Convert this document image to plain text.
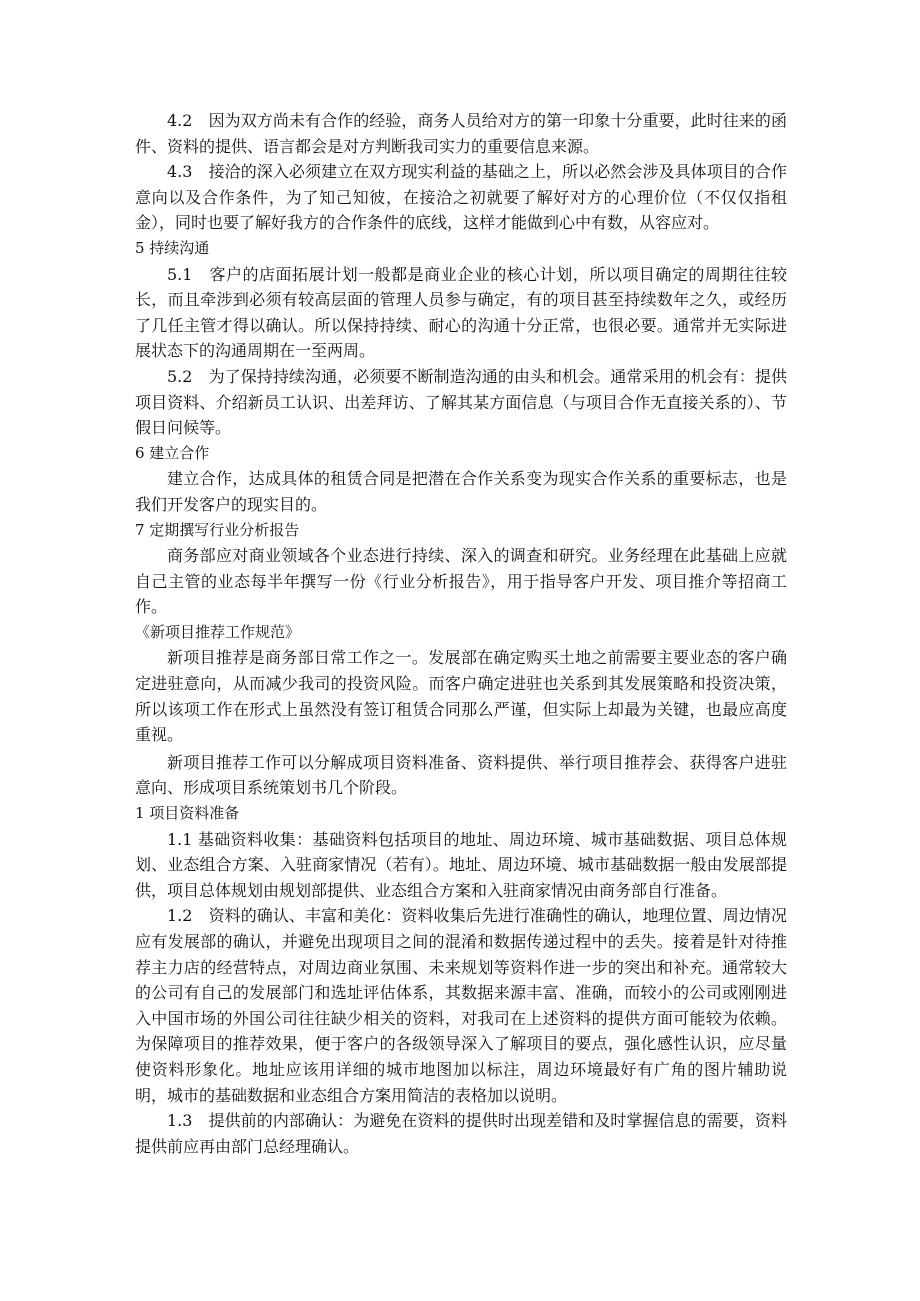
4.2　因为双方尚未有合作的经验，商务人员给对方的第一印象十分重要，此时往来的函件、资料的提供、语言都会是对方判断我司实力的重要信息来源。

4.3　接洽的深入必须建立在双方现实利益的基础之上，所以必然会涉及具体项目的合作意向以及合作条件，为了知己知彼，在接洽之初就要了解好对方的心理价位（不仅仅指租金），同时也要了解好我方的合作条件的底线，这样才能做到心中有数，从容应对。

5 持续沟通

5.1　客户的店面拓展计划一般都是商业企业的核心计划，所以项目确定的周期往往较长，而且牵涉到必须有较高层面的管理人员参与确定，有的项目甚至持续数年之久，或经历了几任主管才得以确认。所以保持持续、耐心的沟通十分正常，也很必要。通常并无实际进展状态下的沟通周期在一至两周。

5.2　为了保持持续沟通，必须要不断制造沟通的由头和机会。通常采用的机会有：提供项目资料、介绍新员工认识、出差拜访、了解其某方面信息（与项目合作无直接关系的）、节假日问候等。

6 建立合作

建立合作，达成具体的租赁合同是把潜在合作关系变为现实合作关系的重要标志，也是我们开发客户的现实目的。

7 定期撰写行业分析报告

商务部应对商业领域各个业态进行持续、深入的调查和研究。业务经理在此基础上应就自己主管的业态每半年撰写一份《行业分析报告》，用于指导客户开发、项目推介等招商工作。

《新项目推荐工作规范》

新项目推荐是商务部日常工作之一。发展部在确定购买土地之前需要主要业态的客户确定进驻意向，从而减少我司的投资风险。而客户确定进驻也关系到其发展策略和投资决策，所以该项工作在形式上虽然没有签订租赁合同那么严谨，但实际上却最为关键，也最应高度重视。

新项目推荐工作可以分解成项目资料准备、资料提供、举行项目推荐会、获得客户进驻意向、形成项目系统策划书几个阶段。

1 项目资料准备

1.1 基础资料收集：基础资料包括项目的地址、周边环境、城市基础数据、项目总体规划、业态组合方案、入驻商家情况（若有）。地址、周边环境、城市基础数据一般由发展部提供，项目总体规划由规划部提供、业态组合方案和入驻商家情况由商务部自行准备。

1.2　资料的确认、丰富和美化：资料收集后先进行准确性的确认，地理位置、周边情况应有发展部的确认，并避免出现项目之间的混淆和数据传递过程中的丢失。接着是针对待推荐主力店的经营特点，对周边商业氛围、未来规划等资料作进一步的突出和补充。通常较大的公司有自己的发展部门和选址评估体系，其数据来源丰富、准确，而较小的公司或刚刚进入中国市场的外国公司往往缺少相关的资料，对我司在上述资料的提供方面可能较为依赖。为保障项目的推荐效果，便于客户的各级领导深入了解项目的要点，强化感性认识，应尽量使资料形象化。地址应该用详细的城市地图加以标注，周边环境最好有广角的图片辅助说明，城市的基础数据和业态组合方案用简洁的表格加以说明。

1.3　提供前的内部确认：为避免在资料的提供时出现差错和及时掌握信息的需要，资料提供前应再由部门总经理确认。
